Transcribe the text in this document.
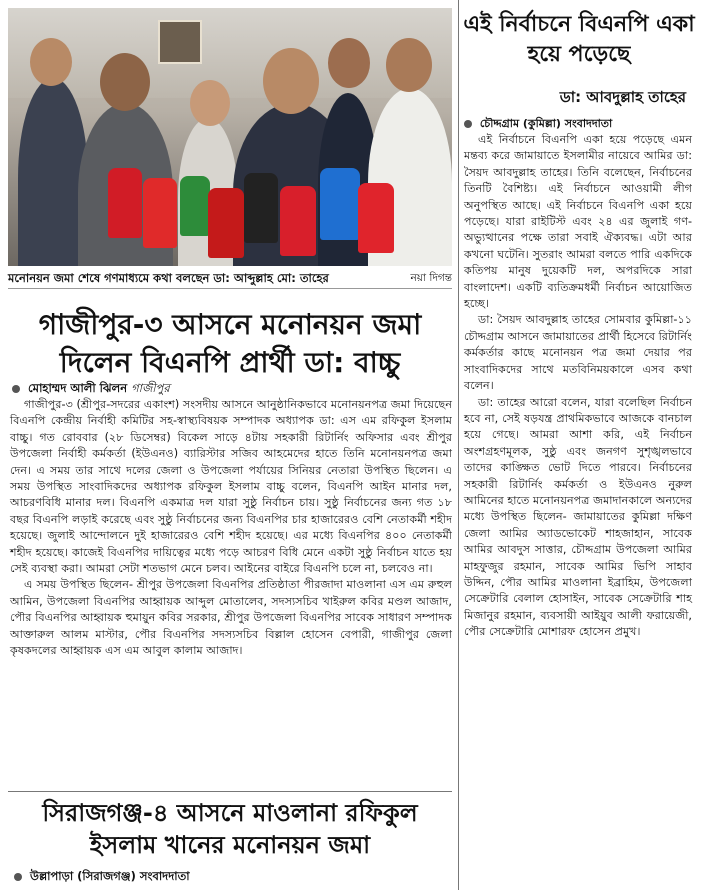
মনোনয়ন জমা শেষে গণমাধ্যমে কথা বলছেন ডা: আব্দুল্লাহ মো: তাহের	নয়া দিগন্ত
গাজীপুর-৩ আসনে মনোনয়ন জমা দিলেন বিএনপি প্রার্থী ডা: বাচ্চু
মোহাম্মদ আলী ঝিলন গাজীপুর

গাজীপুর-৩ (শ্রীপুর-সদরের একাংশ) সংসদীয় আসনে আনুষ্ঠানিকভাবে মনোনয়নপত্র জমা দিয়েছেন বিএনপি কেন্দ্রীয় নির্বাহী কমিটির সহ-স্বাস্থ্যবিষয়ক সম্পাদক অধ্যাপক ডা: এস এম রফিকুল ইসলাম বাচ্চু। গত রোববার (২৮ ডিসেম্বর) বিকেল সাড়ে ৪টায় সহকারী রিটার্নিং অফিসার এবং শ্রীপুর উপজেলা নির্বাহী কর্মকর্তা (ইউএনও) ব্যারিস্টার সজিব আহমেদের হাতে তিনি মনোনয়নপত্র জমা দেন। এ সময় তার সাথে দলের জেলা ও উপজেলা পর্যায়ের সিনিয়র নেতারা উপস্থিত ছিলেন। এ সময় উপস্থিত সাংবাদিকদের অধ্যাপক রফিকুল ইসলাম বাচ্চু বলেন, বিএনপি আইন মানার দল, আচরণবিধি মানার দল। বিএনপি একমাত্র দল যারা সুষ্ঠু নির্বাচন চায়। সুষ্ঠু নির্বাচনের জন্য গত ১৮ বছর বিএনপি লড়াই করেছে এবং সুষ্ঠু নির্বাচনের জন্য বিএনপির চার হাজারেরও বেশি নেতাকর্মী শহীদ হয়েছে। জুলাই আন্দোলনে দুই হাজারেরও বেশি শহীদ হয়েছে। এর মধ্যে বিএনপির ৪০০ নেতাকর্মী শহীদ হয়েছে। কাজেই বিএনপির দায়িত্বের মধ্যে পড়ে আচরণ বিধি মেনে একটা সুষ্ঠু নির্বাচন যাতে হয় সেই ব্যবস্থা করা। আমরা সেটা শতভাগ মেনে চলব। আইনের বাইরে বিএনপি চলে না, চলবেও না।

এ সময় উপস্থিত ছিলেন- শ্রীপুর উপজেলা বিএনপির প্রতিষ্ঠাতা পীরজাদা মাওলানা এস এম রুহুল আমিন, উপজেলা বিএনপির আহ্বায়ক আব্দুল মোতালেব, সদস্যসচিব খাইরুল কবির মণ্ডল আজাদ, পৌর বিএনপির আহ্বায়ক হুমায়ুন কবির সরকার, শ্রীপুর উপজেলা বিএনপির সাবেক সাধারণ সম্পাদক আক্তারুল আলম মাস্টার, পৌর বিএনপির সদস্যসচিব বিল্লাল হোসেন বেপারী, গাজীপুর জেলা কৃষকদলের আহ্বায়ক এস এম আবুল কালাম আজাদ।

সিরাজগঞ্জ-৪ আসনে মাওলানা রফিকুল ইসলাম খানের মনোনয়ন জমা
উল্লাপাড়া (সিরাজগঞ্জ) সংবাদদাতা
এই নির্বাচনে বিএনপি একা হয়ে পড়েছে
ডা: আবদুল্লাহ তাহের
চৌদ্দগ্রাম (কুমিল্লা) সংবাদদাতা

এই নির্বাচনে বিএনপি একা হয়ে পড়েছে এমন মন্তব্য করে জামায়াতে ইসলামীর নায়েবে আমির ডা: সৈয়দ আবদুল্লাহ তাহের। তিনি বলেছেন, নির্বাচনের তিনটি বৈশিষ্ট্য। এই নির্বাচনে আওয়ামী লীগ অনুপস্থিত আছে। এই নির্বাচনে বিএনপি একা হয়ে পড়েছে। যারা রাইটিস্ট এবং ২৪ এর জুলাই গণ-অভ্যুত্থানের পক্ষে তারা সবাই ঐক্যবদ্ধ। এটা আর কখনো ঘটেনি। সুতরাং আমরা বলতে পারি একদিকে কতিপয় মানুষ দুয়েকটি দল, অপরদিকে সারা বাংলাদেশ। একটি ব্যতিক্রমধর্মী নির্বাচন আয়োজিত হচ্ছে।

ডা: সৈয়দ আবদুল্লাহ তাহের সোমবার কুমিল্লা-১১ চৌদ্দগ্রাম আসনে জামায়াতের প্রার্থী হিসেবে রিটার্নিং কর্মকর্তার কাছে মনোনয়ন পত্র জমা দেয়ার পর সাংবাদিকদের সাথে মতবিনিময়কালে এসব কথা বলেন।

ডা: তাহের আরো বলেন, যারা বলেছিল নির্বাচন হবে না, সেই ষড়যন্ত্র প্রাথমিকভাবে আজকে বানচাল হয়ে গেছে। আমরা আশা করি, এই নির্বাচন অংশগ্রহণমূলক, সুষ্ঠু এবং জনগণ সুশৃঙ্খলভাবে তাদের কাঙ্ক্ষিত ভোট দিতে পারবে। নির্বাচনের সহকারী রিটার্নিং কর্মকর্তা ও ইউএনও নুরুল আমিনের হাতে মনোনয়নপত্র জমাদানকালে অন্যদের মধ্যে উপস্থিত ছিলেন- জামায়াতের কুমিল্লা দক্ষিণ জেলা আমির অ্যাডভোকেট শাহজাহান, সাবেক আমির আবদুস সাত্তার, চৌদ্দগ্রাম উপজেলা আমির মাহফুজুর রহমান, সাবেক আমির ভিপি সাহাব উদ্দিন, পৌর আমির মাওলানা ইব্রাহিম, উপজেলা সেক্রেটারি বেলাল হোসাইন, সাবেক সেক্রেটারি শাহ মিজানুর রহমান, ব্যবসায়ী আইয়ুব আলী ফরায়েজী, পৌর সেক্রেটারি মোশারফ হোসেন প্রমুখ।
